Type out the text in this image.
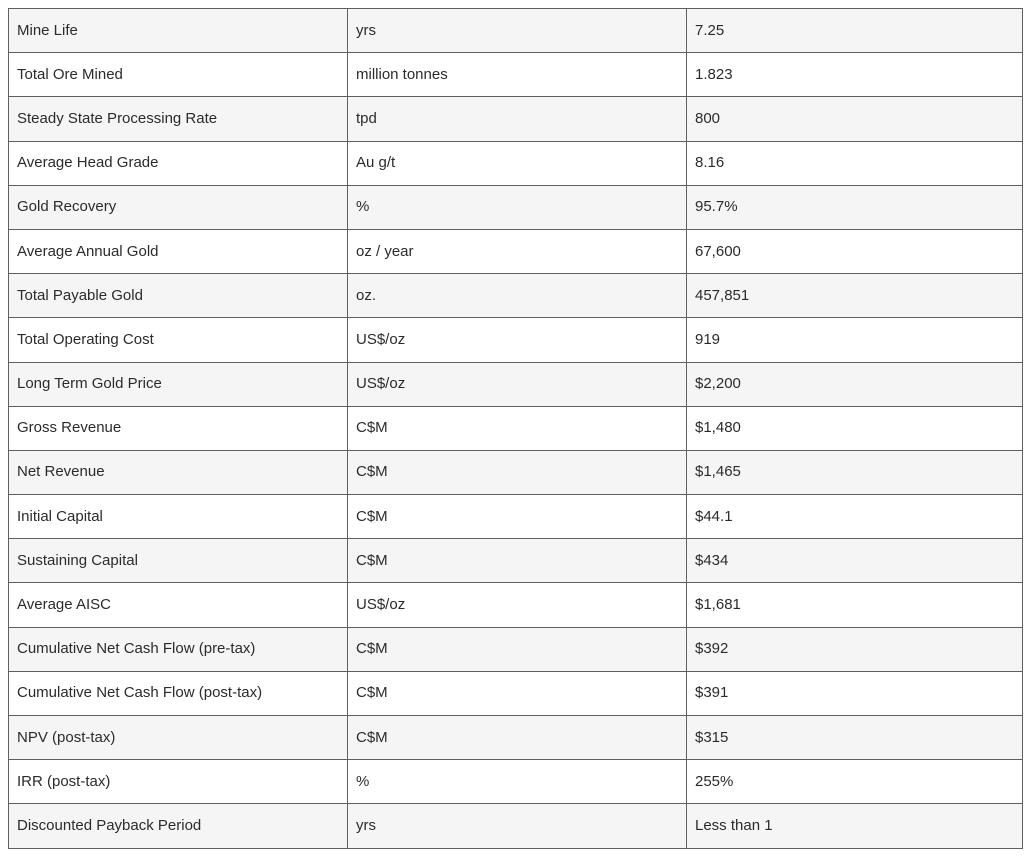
Mine Life	yrs	7.25
Total Ore Mined	million tonnes	1.823
Steady State Processing Rate	tpd	800
Average Head Grade	Au g/t	8.16
Gold Recovery	%	95.7%
Average Annual Gold	oz / year	67,600
Total Payable Gold	oz.	457,851
Total Operating Cost	US$/oz	919
Long Term Gold Price	US$/oz	$2,200
Gross Revenue	C$M	$1,480
Net Revenue	C$M	$1,465
Initial Capital	C$M	$44.1
Sustaining Capital	C$M	$434
Average AISC	US$/oz	$1,681
Cumulative Net Cash Flow (pre-tax)	C$M	$392
Cumulative Net Cash Flow (post-tax)	C$M	$391
NPV (post-tax)	C$M	$315
IRR (post-tax)	%	255%
Discounted Payback Period	yrs	Less than 1
